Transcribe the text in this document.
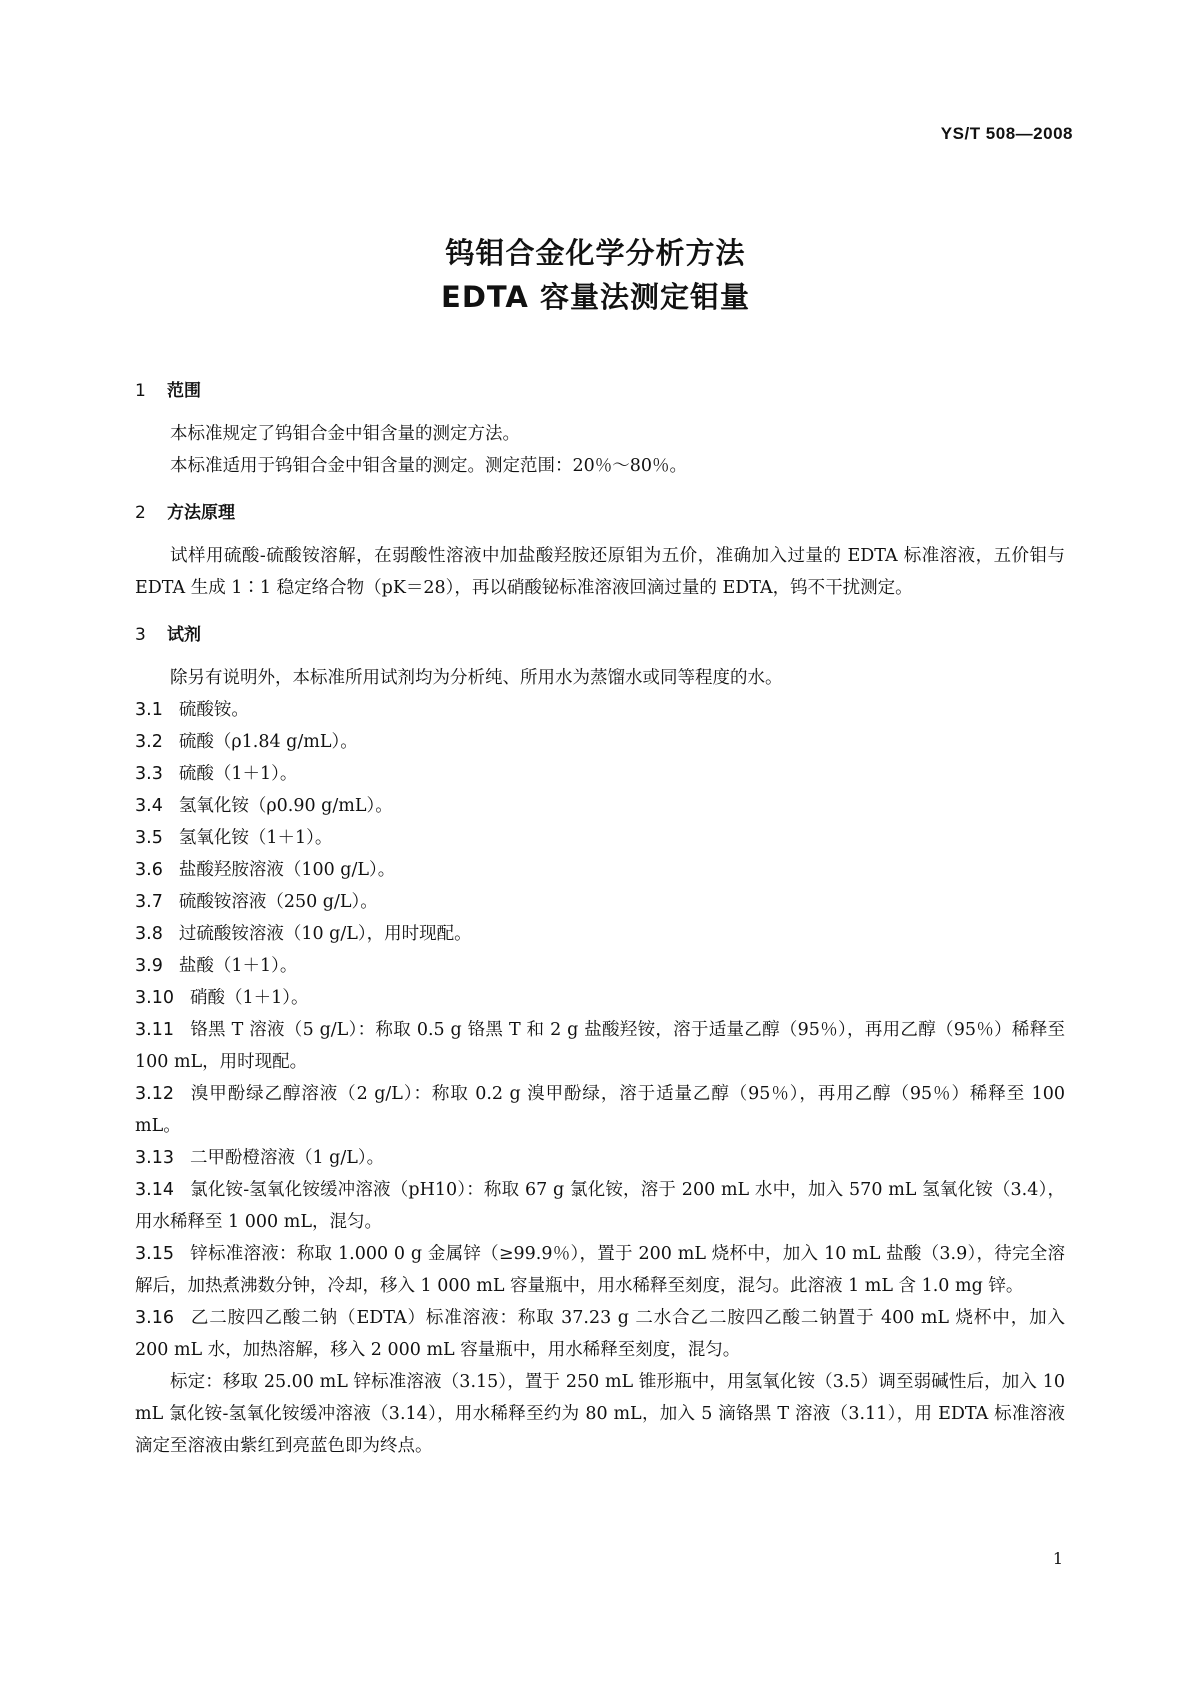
YS/T 508—2008
钨钼合金化学分析方法
EDTA 容量法测定钼量
1 范围

本标准规定了钨钼合金中钼含量的测定方法。

本标准适用于钨钼合金中钼含量的测定。测定范围：20％～80％。

2 方法原理

试样用硫酸-硫酸铵溶解，在弱酸性溶液中加盐酸羟胺还原钼为五价，准确加入过量的 EDTA 标准溶液，五价钼与 EDTA 生成 1∶1 稳定络合物（pK＝28），再以硝酸铋标准溶液回滴过量的 EDTA，钨不干扰测定。

3 试剂

除另有说明外，本标准所用试剂均为分析纯、所用水为蒸馏水或同等程度的水。

3.1 硫酸铵。

3.2 硫酸（ρ1.84 g/mL）。

3.3 硫酸（1＋1）。

3.4 氢氧化铵（ρ0.90 g/mL）。

3.5 氢氧化铵（1＋1）。

3.6 盐酸羟胺溶液（100 g/L）。

3.7 硫酸铵溶液（250 g/L）。

3.8 过硫酸铵溶液（10 g/L），用时现配。

3.9 盐酸（1＋1）。

3.10 硝酸（1＋1）。

3.11 铬黑 T 溶液（5 g/L）：称取 0.5 g 铬黑 T 和 2 g 盐酸羟铵，溶于适量乙醇（95％），再用乙醇（95％）稀释至 100 mL，用时现配。

3.12 溴甲酚绿乙醇溶液（2 g/L）：称取 0.2 g 溴甲酚绿，溶于适量乙醇（95％），再用乙醇（95％）稀释至 100 mL。

3.13 二甲酚橙溶液（1 g/L）。

3.14 氯化铵-氢氧化铵缓冲溶液（pH10）：称取 67 g 氯化铵，溶于 200 mL 水中，加入 570 mL 氢氧化铵（3.4），用水稀释至 1 000 mL，混匀。

3.15 锌标准溶液：称取 1.000 0 g 金属锌（≥99.9％），置于 200 mL 烧杯中，加入 10 mL 盐酸（3.9），待完全溶解后，加热煮沸数分钟，冷却，移入 1 000 mL 容量瓶中，用水稀释至刻度，混匀。此溶液 1 mL 含 1.0 mg 锌。

3.16 乙二胺四乙酸二钠（EDTA）标准溶液：称取 37.23 g 二水合乙二胺四乙酸二钠置于 400 mL 烧杯中，加入 200 mL 水，加热溶解，移入 2 000 mL 容量瓶中，用水稀释至刻度，混匀。

标定：移取 25.00 mL 锌标准溶液（3.15），置于 250 mL 锥形瓶中，用氢氧化铵（3.5）调至弱碱性后，加入 10 mL 氯化铵-氢氧化铵缓冲溶液（3.14），用水稀释至约为 80 mL，加入 5 滴铬黑 T 溶液（3.11），用 EDTA 标准溶液滴定至溶液由紫红到亮蓝色即为终点。

1
